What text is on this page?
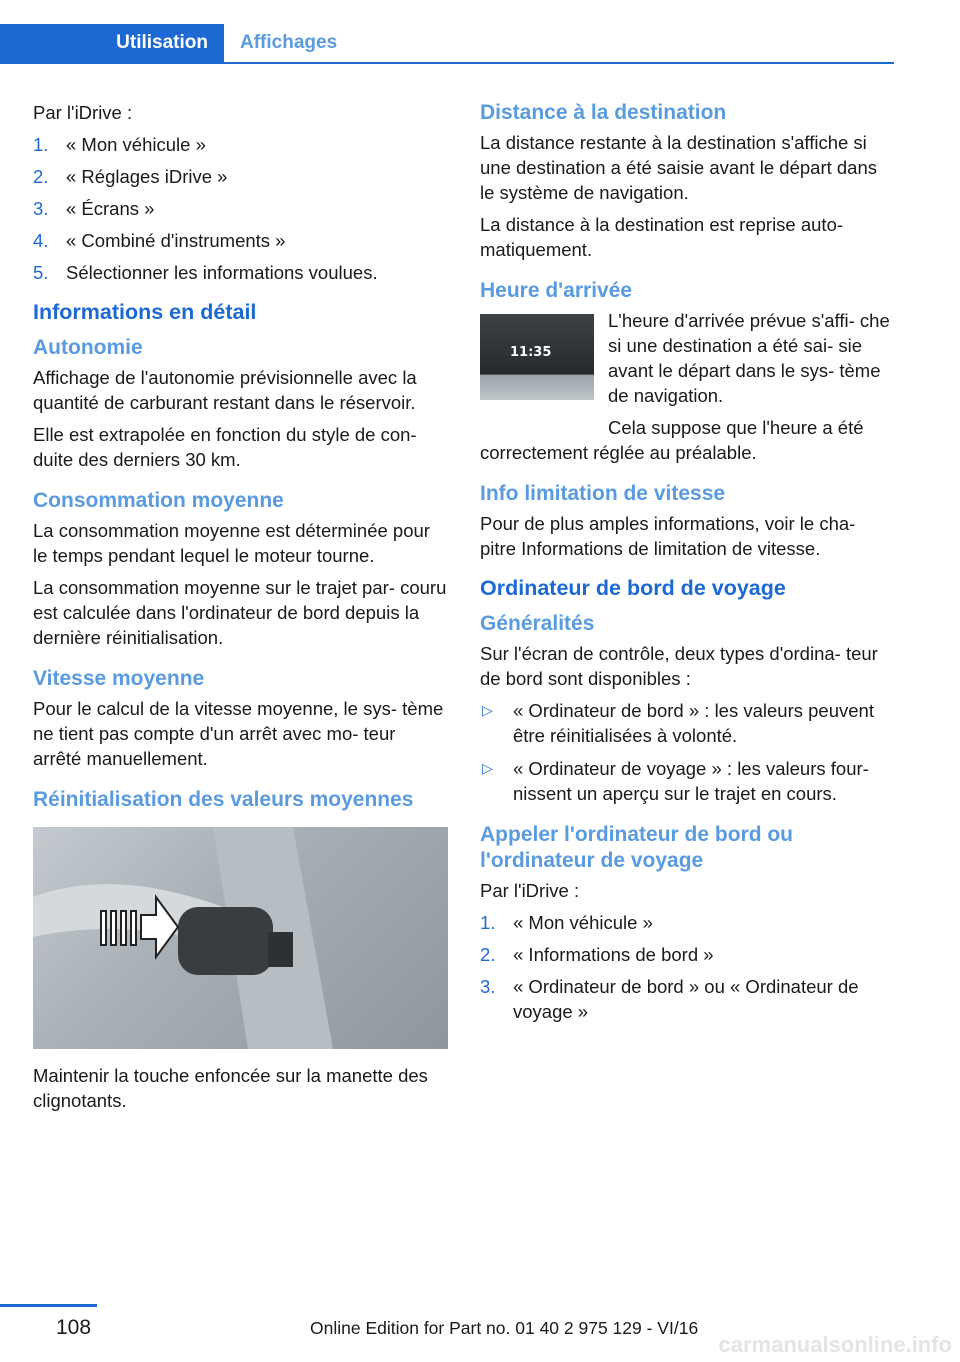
Utilisation	Affichages

Par l'iDrive :

1. « Mon véhicule »
2. « Réglages iDrive »
3. « Écrans »
4. « Combiné d'instruments »
5. Sélectionner les informations voulues.
Informations en détail
Autonomie

Affichage de l'autonomie prévisionnelle avec la quantité de carburant restant dans le réservoir.

Elle est extrapolée en fonction du style de con‐ duite des derniers 30 km.

Consommation moyenne

La consommation moyenne est déterminée pour le temps pendant lequel le moteur tourne.

La consommation moyenne sur le trajet par‐ couru est calculée dans l'ordinateur de bord depuis la dernière réinitialisation.

Vitesse moyenne

Pour le calcul de la vitesse moyenne, le sys‐ tème ne tient pas compte d'un arrêt avec mo‐ teur arrêté manuellement.

Réinitialisation des valeurs moyennes

Maintenir la touche enfoncée sur la manette des clignotants.

Distance à la destination

La distance restante à la destination s'affiche si une destination a été saisie avant le départ dans le système de navigation.

La distance à la destination est reprise auto‐ matiquement.

Heure d'arrivée
11:35

L'heure d'arrivée prévue s'affi‐ che si une destination a été sai‐ sie avant le départ dans le sys‐ tème de navigation.

Cela suppose que l'heure a été

correctement réglée au préalable.

Info limitation de vitesse

Pour de plus amples informations, voir le cha‐ pitre Informations de limitation de vitesse.

Ordinateur de bord de voyage
Généralités

Sur l'écran de contrôle, deux types d'ordina‐ teur de bord sont disponibles :

▷ « Ordinateur de bord » : les valeurs peuvent être réinitialisées à volonté.
▷ « Ordinateur de voyage » : les valeurs four‐ nissent un aperçu sur le trajet en cours.
Appeler l'ordinateur de bord ou l'ordinateur de voyage

Par l'iDrive :

1. « Mon véhicule »
2. « Informations de bord »
3. « Ordinateur de bord » ou « Ordinateur de voyage »
108	Online Edition for Part no. 01 40 2 975 129 - VI/16
carmanualsonline.info
